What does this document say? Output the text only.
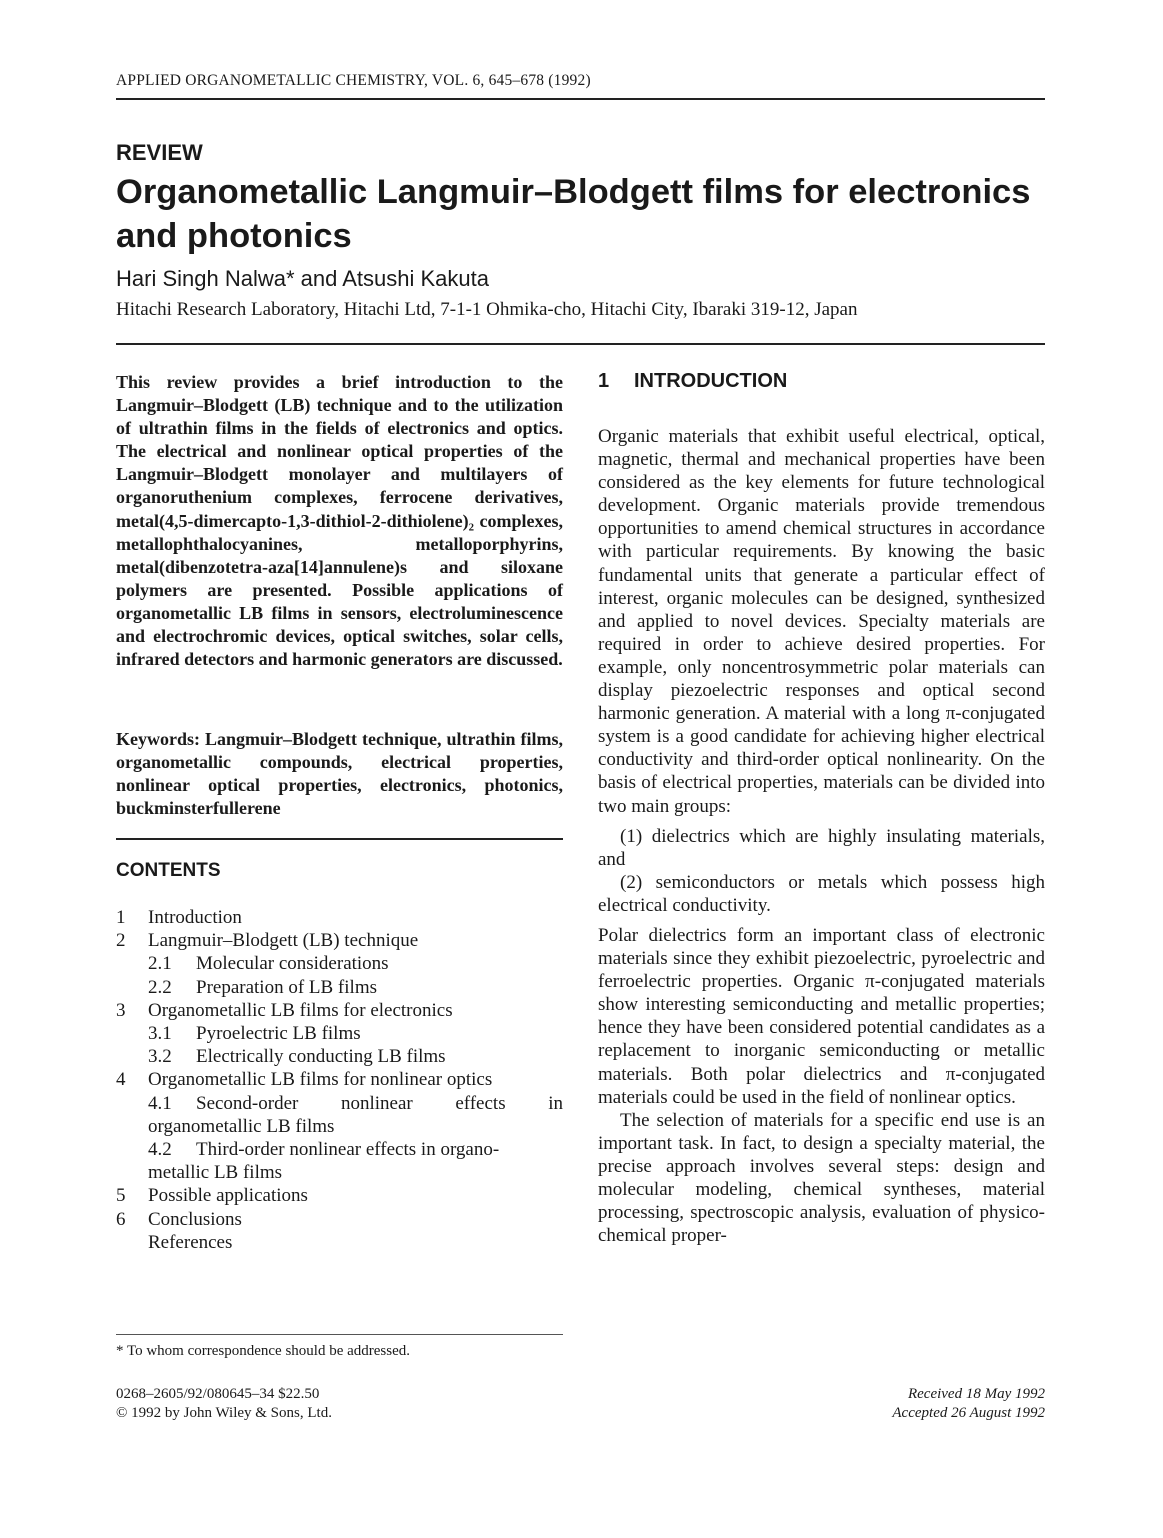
APPLIED ORGANOMETALLIC CHEMISTRY, VOL. 6, 645–678 (1992)
REVIEW
Organometallic Langmuir–Blodgett films for electronics and photonics
Hari Singh Nalwa* and Atsushi Kakuta
Hitachi Research Laboratory, Hitachi Ltd, 7-1-1 Ohmika-cho, Hitachi City, Ibaraki 319-12, Japan

This review provides a brief introduction to the Langmuir–Blodgett (LB) technique and to the utilization of ultrathin films in the fields of electronics and optics. The electrical and nonlinear optical properties of the Langmuir–Blodgett monolayer and multilayers of organoruthenium complexes, ferrocene derivatives, metal(4,5-dimercapto-1,3-dithiol-2-dithiolene)₂ complexes, metallophthalocyanines, metalloporphyrins, metal(dibenzotetra-aza[14]annulene)s and siloxane polymers are presented. Possible applications of organometallic LB films in sensors, electroluminescence and electrochromic devices, optical switches, solar cells, infrared detectors and harmonic generators are discussed.

Keywords: Langmuir–Blodgett technique, ultrathin films, organometallic compounds, electrical properties, nonlinear optical properties, electronics, photonics, buckminsterfullerene

CONTENTS
1	Introduction
2	Langmuir–Blodgett (LB) technique
2.1	Molecular considerations
2.2	Preparation of LB films
3	Organometallic LB films for electronics
3.1	Pyroelectric LB films
3.2	Electrically conducting LB films
4	Organometallic LB films for nonlinear optics
4.1	Second-order nonlinear effects in
organometallic LB films
4.2	Third-order nonlinear effects in organo-
metallic LB films
5	Possible applications
6	Conclusions
References
* To whom correspondence should be addressed.
0268–2605/92/080645–34 $22.50
© 1992 by John Wiley & Sons, Ltd.
1 INTRODUCTION

Organic materials that exhibit useful electrical, optical, magnetic, thermal and mechanical properties have been considered as the key elements for future technological development. Organic materials provide tremendous opportunities to amend chemical structures in accordance with particular requirements. By knowing the basic fundamental units that generate a particular effect of interest, organic molecules can be designed, synthesized and applied to novel devices. Specialty materials are required in order to achieve desired properties. For example, only noncentrosymmetric polar materials can display piezoelectric responses and optical second harmonic generation. A material with a long π-conjugated system is a good candidate for achieving higher electrical conductivity and third-order optical nonlinearity. On the basis of electrical properties, materials can be divided into two main groups:

(1) dielectrics which are highly insulating materials, and

(2) semiconductors or metals which possess high electrical conductivity.

Polar dielectrics form an important class of electronic materials since they exhibit piezoelectric, pyroelectric and ferroelectric properties. Organic π-conjugated materials show interesting semiconducting and metallic properties; hence they have been considered potential candidates as a replacement to inorganic semiconducting or metallic materials. Both polar dielectrics and π-conjugated materials could be used in the field of nonlinear optics.

The selection of materials for a specific end use is an important task. In fact, to design a specialty material, the precise approach involves several steps: design and molecular modeling, chemical syntheses, material processing, spectroscopic analysis, evaluation of physico-chemical proper-

Received 18 May 1992
Accepted 26 August 1992
